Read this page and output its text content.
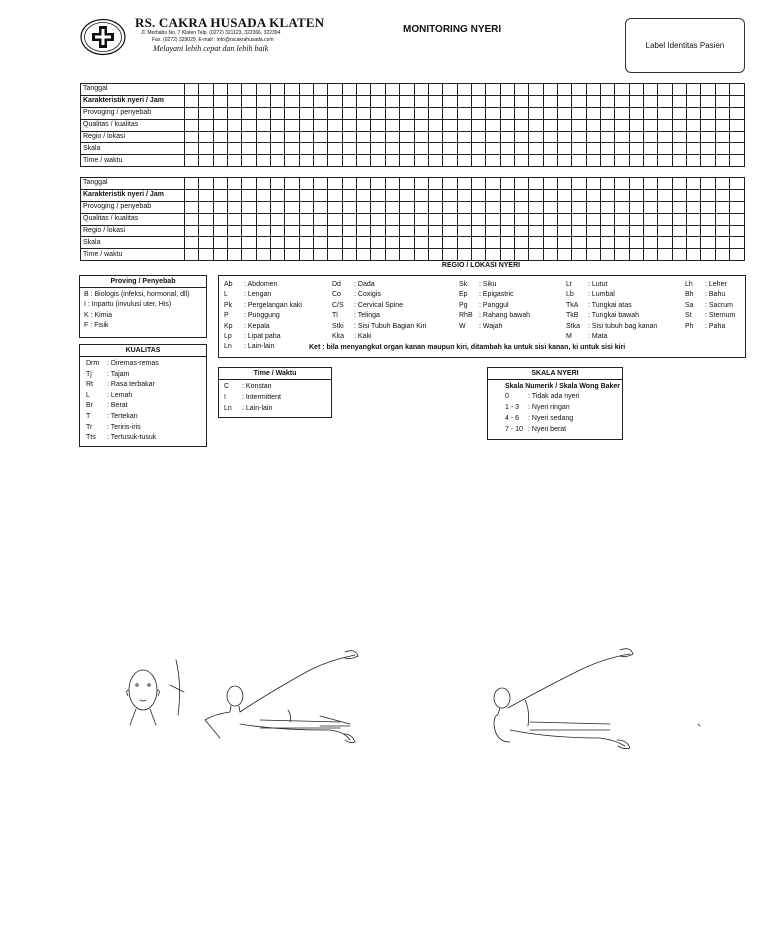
RS. CAKRA HUSADA KLATEN
Jl. Merbabu No. 7 Klaten Telp. (0272) 321123, 322366, 322394
Fax. (0272) 329029, E-mail : info@rscakrahusada.com
Melayani lebih cepat dan lebih baik
MONITORING NYERI
Label Identitas Pasien
Tanggal																																							
Karakteristik nyeri / Jam																																							
Provoging / penyebab																																							
Qualitas / kualitas																																							
Regio / lokasi																																							
Skala																																							
Time / waktu																																							
Tanggal																																							
Karakteristik nyeri / Jam																																							
Provoging / penyebab																																							
Qualitas / kualitas																																							
Regio / lokasi																																							
Skala																																							
Time / waktu																																							
Proving / Penyebab
B : Biologis (infeksi, hormonal, dll)
I : Inpartu (invulusi uter, His)
K : Kimia
F : Fisik
KUALITAS
Drm : Diremas-remas
Tj : Tajam
Rt : Rasa terbakar
L : Lemah
Br : Berat
T : Tertekan
Tr : Teriris-iris
Tts : Tertusuk-tusuk
REGIO / LOKASI NYERI
Ab : Abdomen
L : Lengan
Pk : Pergelangan kaki
P : Punggung
Kp : Kepala
Lp : Lipat paha
Ln : Lain-lain
Dd : Dada
Co : Coxigis
C/S : Cervical Spine
Tl : Telinga
Stki : Sisi Tubuh Bagian Kiri
Kka : Kaki
Sk : Siku
Ep : Epigastric
Pg : Panggul
RhB : Rahang bawah
W : Wajah
Lt : Lutut
Lb : Lumbal
TkA : Tungkai atas
TkB : Tungkai bawah
Stka : Sisi tubuh bag kanan
M : Mata
Lh : Leher
Bh : Bahu
Sa : Sacrum
St : Sternum
Ph : Paha
Ket : bila menyangkut organ kanan maupun kiri, ditambah ka untuk sisi kanan, ki untuk sisi kiri
Time / Waktu
C : Konstan
I : Intermittent
Ln : Lain-lain
SKALA NYERI
Skala Numerik / Skala Wong Baker
0	: Tidak ada nyeri
1 - 3 : Nyeri ringan
4 - 6 : Nyeri sedang
7 - 10 : Nyeri berat
